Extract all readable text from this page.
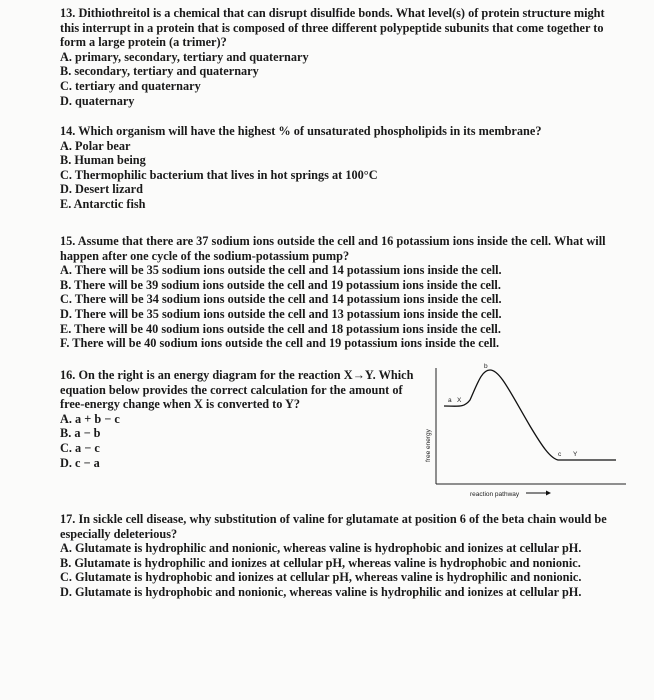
13. Dithiothreitol is a chemical that can disrupt disulfide bonds. What level(s) of protein structure might this interrupt in a protein that is composed of three different polypeptide subunits that come together to form a large protein (a trimer)?
A. primary, secondary, tertiary and quaternary
B. secondary, tertiary and quaternary
C. tertiary and quaternary
D. quaternary
14. Which organism will have the highest % of unsaturated phospholipids in its membrane?
A. Polar bear
B. Human being
C. Thermophilic bacterium that lives in hot springs at 100°C
D. Desert lizard
E. Antarctic fish
15. Assume that there are 37 sodium ions outside the cell and 16 potassium ions inside the cell. What will happen after one cycle of the sodium-potassium pump?
A. There will be 35 sodium ions outside the cell and 14 potassium ions inside the cell.
B. There will be 39 sodium ions outside the cell and 19 potassium ions inside the cell.
C. There will be 34 sodium ions outside the cell and 14 potassium ions inside the cell.
D. There will be 35 sodium ions outside the cell and 13 potassium ions inside the cell.
E. There will be 40 sodium ions outside the cell and 18 potassium ions inside the cell.
F. There will be 40 sodium ions outside the cell and 19 potassium ions inside the cell.
16. On the right is an energy diagram for the reaction X→Y. Which equation below provides the correct calculation for the amount of free-energy change when X is converted to Y?
A. a + b − c
B. a − b
C. a − c
D. c − a
b
a X
c Y
free energy
reaction pathway
17. In sickle cell disease, why substitution of valine for glutamate at position 6 of the beta chain would be especially deleterious?
A. Glutamate is hydrophilic and nonionic, whereas valine is hydrophobic and ionizes at cellular pH.
B. Glutamate is hydrophilic and ionizes at cellular pH, whereas valine is hydrophobic and nonionic.
C. Glutamate is hydrophobic and ionizes at cellular pH, whereas valine is hydrophilic and nonionic.
D. Glutamate is hydrophobic and nonionic, whereas valine is hydrophilic and ionizes at cellular pH.
